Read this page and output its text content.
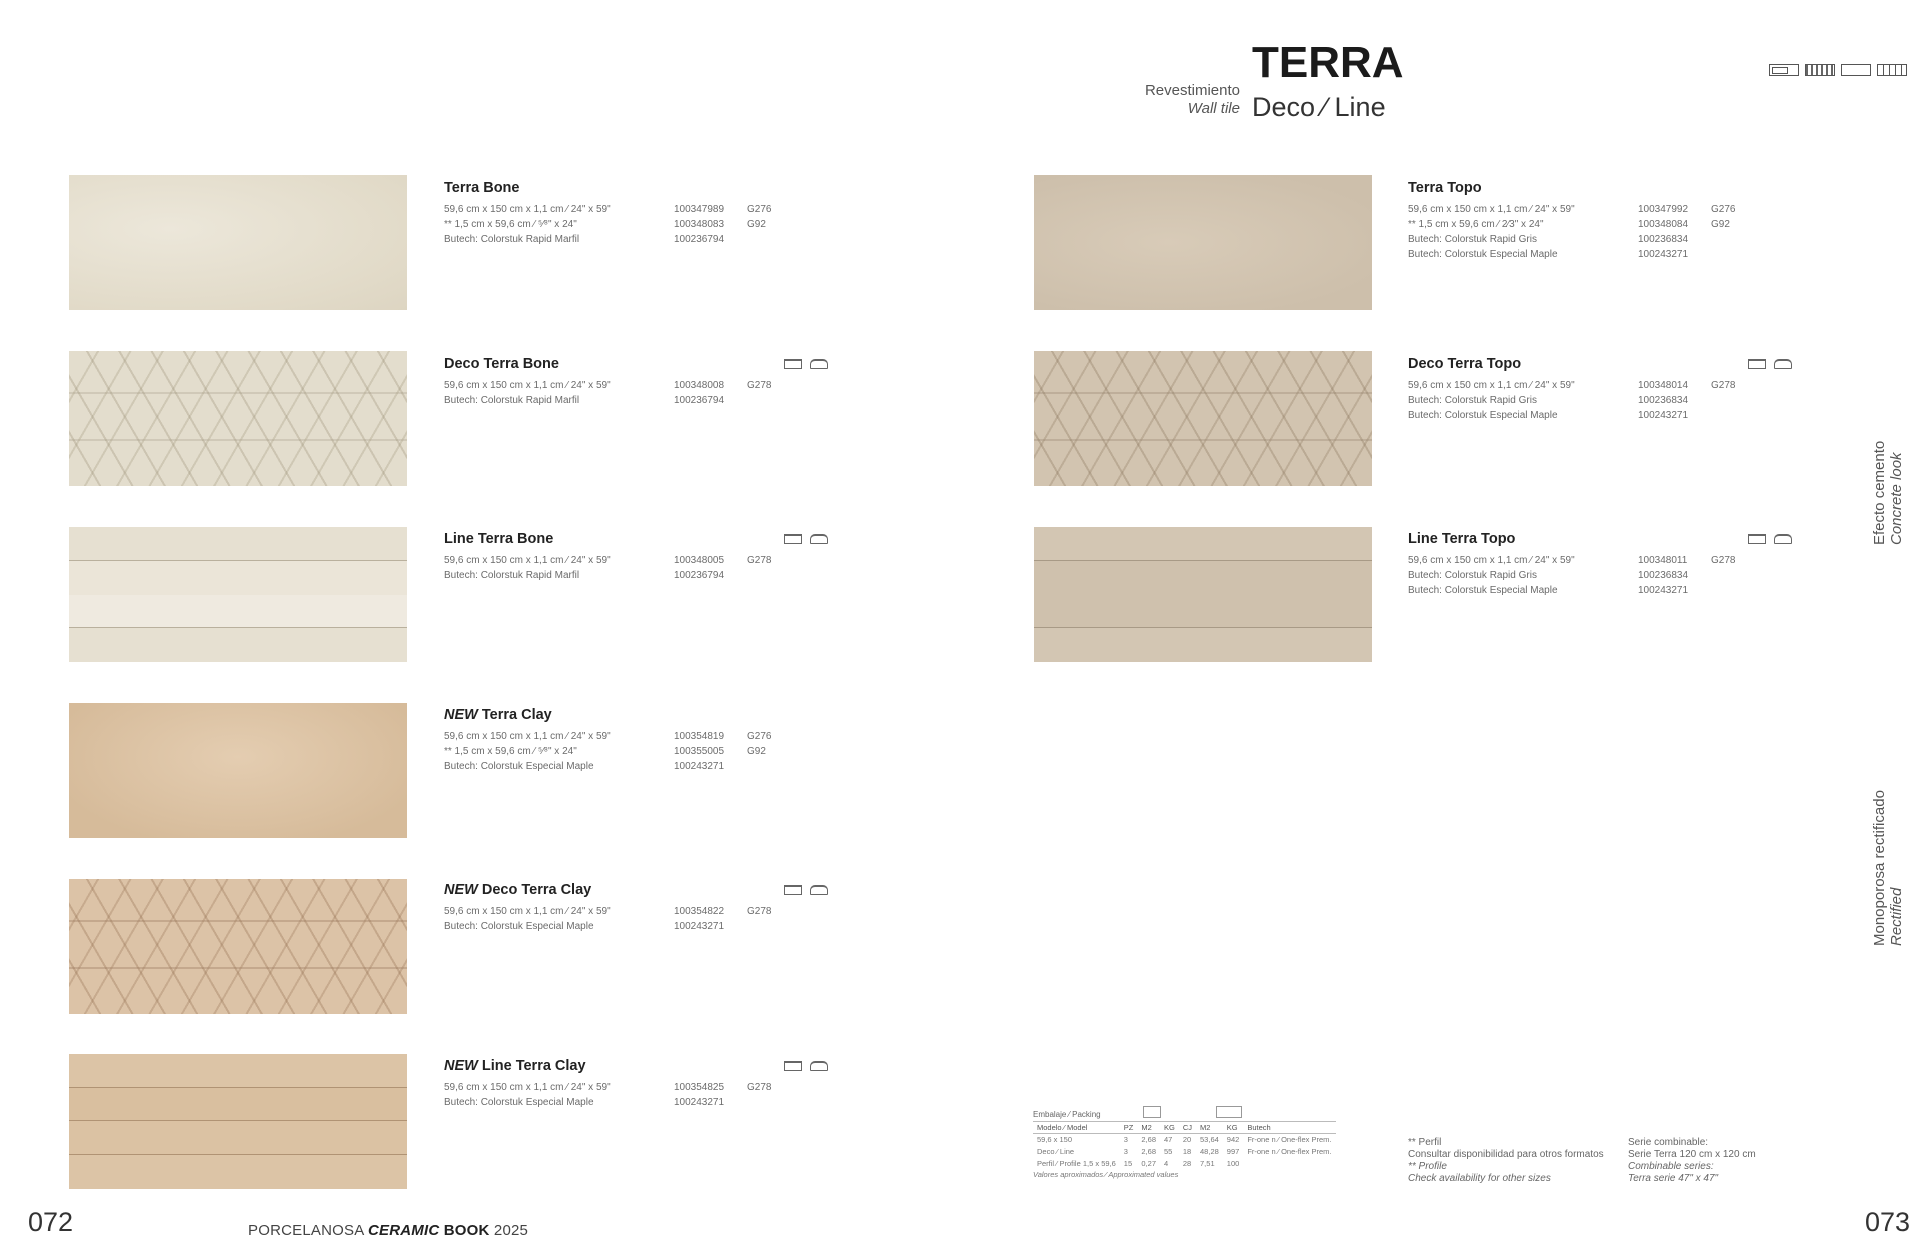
Revestimiento
Wall tile
TERRA
Deco ⁄ Line
Terra Bone
59,6 cm x 150 cm x 1,1 cm ⁄ 24" x 59"	100347989	G276
** 1,5 cm x 59,6 cm ⁄ ⁵⁄⁸" x 24"	100348083	G92
Butech: Colorstuk Rapid Marfil	100236794
Deco Terra Bone
59,6 cm x 150 cm x 1,1 cm ⁄ 24" x 59"	100348008	G278
Butech: Colorstuk Rapid Marfil	100236794
Line Terra Bone
59,6 cm x 150 cm x 1,1 cm ⁄ 24" x 59"	100348005	G278
Butech: Colorstuk Rapid Marfil	100236794
NEW Terra Clay
59,6 cm x 150 cm x 1,1 cm ⁄ 24" x 59"	100354819	G276
** 1,5 cm x 59,6 cm ⁄ ⁵⁄⁸" x 24"	100355005	G92
Butech: Colorstuk Especial Maple	100243271
NEW Deco Terra Clay
59,6 cm x 150 cm x 1,1 cm ⁄ 24" x 59"	100354822	G278
Butech: Colorstuk Especial Maple	100243271
NEW Line Terra Clay
59,6 cm x 150 cm x 1,1 cm ⁄ 24" x 59"	100354825	G278
Butech: Colorstuk Especial Maple	100243271
Terra Topo
59,6 cm x 150 cm x 1,1 cm ⁄ 24" x 59"	100347992	G276
** 1,5 cm x 59,6 cm ⁄ 2⁄3" x 24"	100348084	G92
Butech: Colorstuk Rapid Gris	100236834
Butech: Colorstuk Especial Maple	100243271
Deco Terra Topo
59,6 cm x 150 cm x 1,1 cm ⁄ 24" x 59"	100348014	G278
Butech: Colorstuk Rapid Gris	100236834
Butech: Colorstuk Especial Maple	100243271
Line Terra Topo
59,6 cm x 150 cm x 1,1 cm ⁄ 24" x 59"	100348011	G278
Butech: Colorstuk Rapid Gris	100236834
Butech: Colorstuk Especial Maple	100243271
Efecto cemento Concrete look
Monoporosa rectificado Rectified
Embalaje ⁄ Packing
Modelo ⁄ Model	PZ	M2	KG	CJ	M2	KG	Butech
59,6 x 150	3	2,68	47	20	53,64	942	Fr-one n ⁄ One-flex Prem.
Deco ⁄ Line	3	2,68	55	18	48,28	997	Fr-one n ⁄ One-flex Prem.
Perfil ⁄ Profile 1,5 x 59,6	15	0,27	4	28	7,51	100	
Valores aproximados ⁄ Approximated values
** Perfil
Consultar disponibilidad para otros formatos
** Profile
Check availability for other sizes
Serie combinable:
Serie Terra 120 cm x 120 cm
Combinable series:
Terra serie 47" x 47"
072	073
PORCELANOSA CERAMIC BOOK 2025
